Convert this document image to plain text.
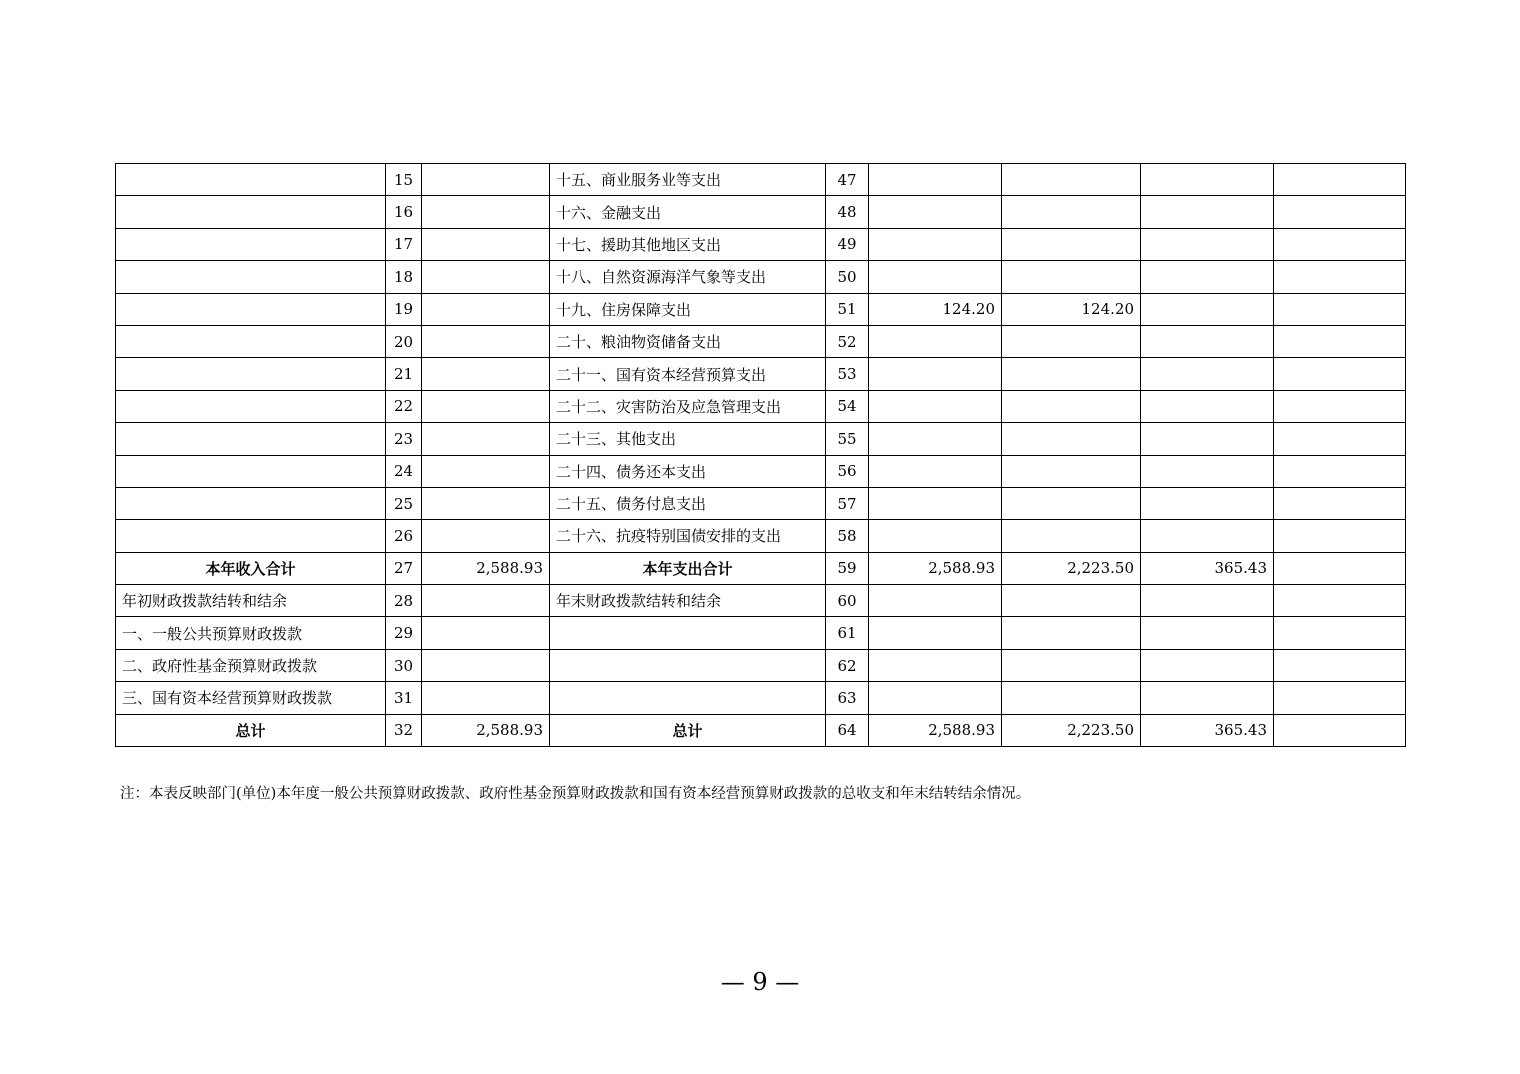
	15		十五、商业服务业等支出	47				
	16		十六、金融支出	48				
	17		十七、援助其他地区支出	49				
	18		十八、自然资源海洋气象等支出	50				
	19		十九、住房保障支出	51	124.20	124.20		
	20		二十、粮油物资储备支出	52				
	21		二十一、国有资本经营预算支出	53				
	22		二十二、灾害防治及应急管理支出	54				
	23		二十三、其他支出	55				
	24		二十四、债务还本支出	56				
	25		二十五、债务付息支出	57				
	26		二十六、抗疫特别国债安排的支出	58				
本年收入合计	27	2,588.93	本年支出合计	59	2,588.93	2,223.50	365.43	
年初财政拨款结转和结余	28		年末财政拨款结转和结余	60				
一、一般公共预算财政拨款	29			61				
二、政府性基金预算财政拨款	30			62				
三、国有资本经营预算财政拨款	31			63				
总计	32	2,588.93	总计	64	2,588.93	2,223.50	365.43	
注：本表反映部门(单位)本年度一般公共预算财政拨款、政府性基金预算财政拨款和国有资本经营预算财政拨款的总收支和年末结转结余情况。
— 9 —
